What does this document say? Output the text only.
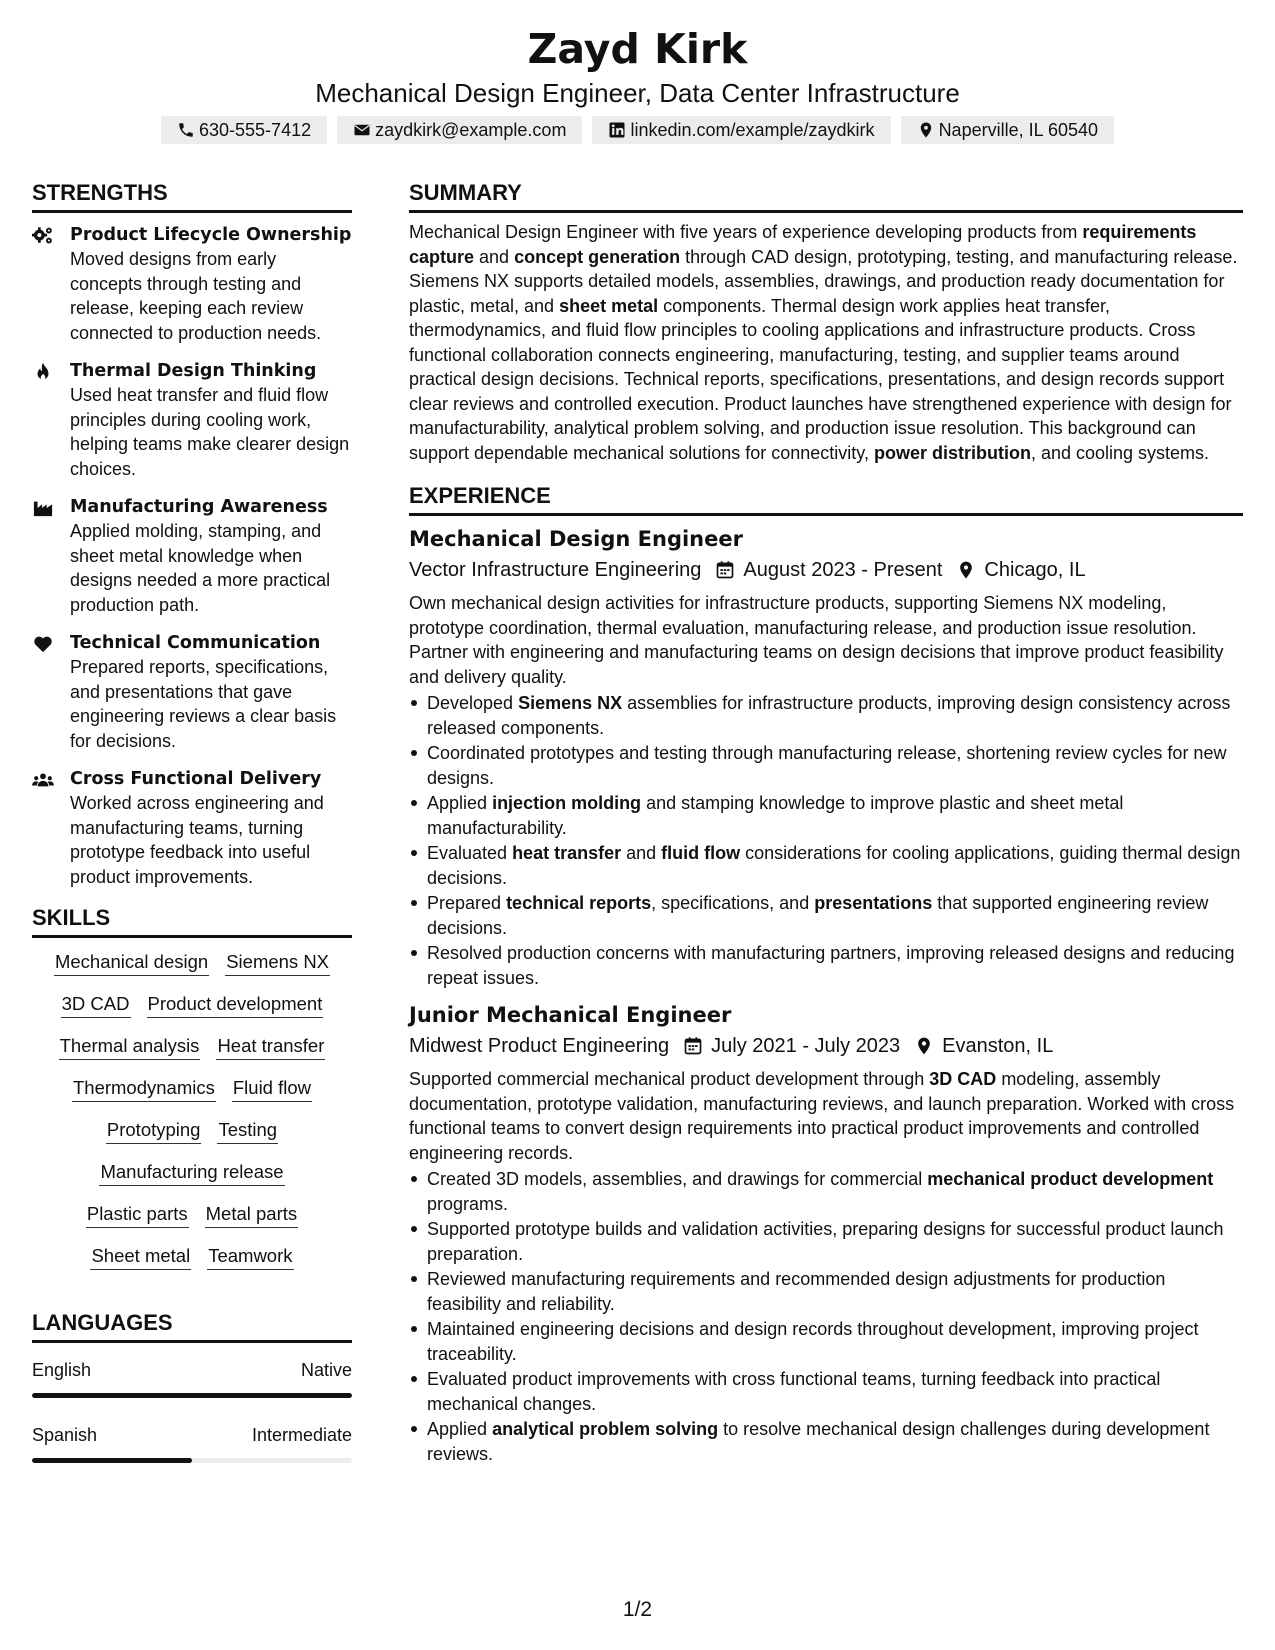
Zayd Kirk
Mechanical Design Engineer, Data Center Infrastructure
630-555-7412	zaydkirk@example.com	linkedin.com/example/zaydkirk	Naperville, IL 60540
STRENGTHS
Product Lifecycle Ownership
Moved designs from early concepts through testing and release, keeping each review connected to production needs.
Thermal Design Thinking
Used heat transfer and fluid flow principles during cooling work, helping teams make clearer design choices.
Manufacturing Awareness
Applied molding, stamping, and sheet metal knowledge when designs needed a more practical production path.
Technical Communication
Prepared reports, specifications, and presentations that gave engineering reviews a clear basis for decisions.
Cross Functional Delivery
Worked across engineering and manufacturing teams, turning prototype feedback into useful product improvements.
SKILLS
Mechanical design Siemens NX
3D CAD Product development
Thermal analysis Heat transfer
Thermodynamics Fluid flow
Prototyping Testing
Manufacturing release
Plastic parts Metal parts
Sheet metal Teamwork
LANGUAGES
English	Native
Spanish	Intermediate
SUMMARY

Mechanical Design Engineer with five years of experience developing products from requirements capture and concept generation through CAD design, prototyping, testing, and manufacturing release. Siemens NX supports detailed models, assemblies, drawings, and production ready documentation for plastic, metal, and sheet metal components. Thermal design work applies heat transfer, thermodynamics, and fluid flow principles to cooling applications and infrastructure products. Cross functional collaboration connects engineering, manufacturing, testing, and supplier teams around practical design decisions. Technical reports, specifications, presentations, and design records support clear reviews and controlled execution. Product launches have strengthened experience with design for manufacturability, analytical problem solving, and production issue resolution. This background can support dependable mechanical solutions for connectivity, power distribution, and cooling systems.

EXPERIENCE
Mechanical Design Engineer
Vector Infrastructure Engineering August 2023 - Present Chicago, IL

Own mechanical design activities for infrastructure products, supporting Siemens NX modeling, prototype coordination, thermal evaluation, manufacturing release, and production issue resolution. Partner with engineering and manufacturing teams on design decisions that improve product feasibility and delivery quality.

Developed Siemens NX assemblies for infrastructure products, improving design consistency across released components.
Coordinated prototypes and testing through manufacturing release, shortening review cycles for new designs.
Applied injection molding and stamping knowledge to improve plastic and sheet metal manufacturability.
Evaluated heat transfer and fluid flow considerations for cooling applications, guiding thermal design decisions.
Prepared technical reports, specifications, and presentations that supported engineering review decisions.
Resolved production concerns with manufacturing partners, improving released designs and reducing repeat issues.
Junior Mechanical Engineer
Midwest Product Engineering July 2021 - July 2023 Evanston, IL

Supported commercial mechanical product development through 3D CAD modeling, assembly documentation, prototype validation, manufacturing reviews, and launch preparation. Worked with cross functional teams to convert design requirements into practical product improvements and controlled engineering records.

Created 3D models, assemblies, and drawings for commercial mechanical product development programs.
Supported prototype builds and validation activities, preparing designs for successful product launch preparation.
Reviewed manufacturing requirements and recommended design adjustments for production feasibility and reliability.
Maintained engineering decisions and design records throughout development, improving project traceability.
Evaluated product improvements with cross functional teams, turning feedback into practical mechanical changes.
Applied analytical problem solving to resolve mechanical design challenges during development reviews.
1/2
